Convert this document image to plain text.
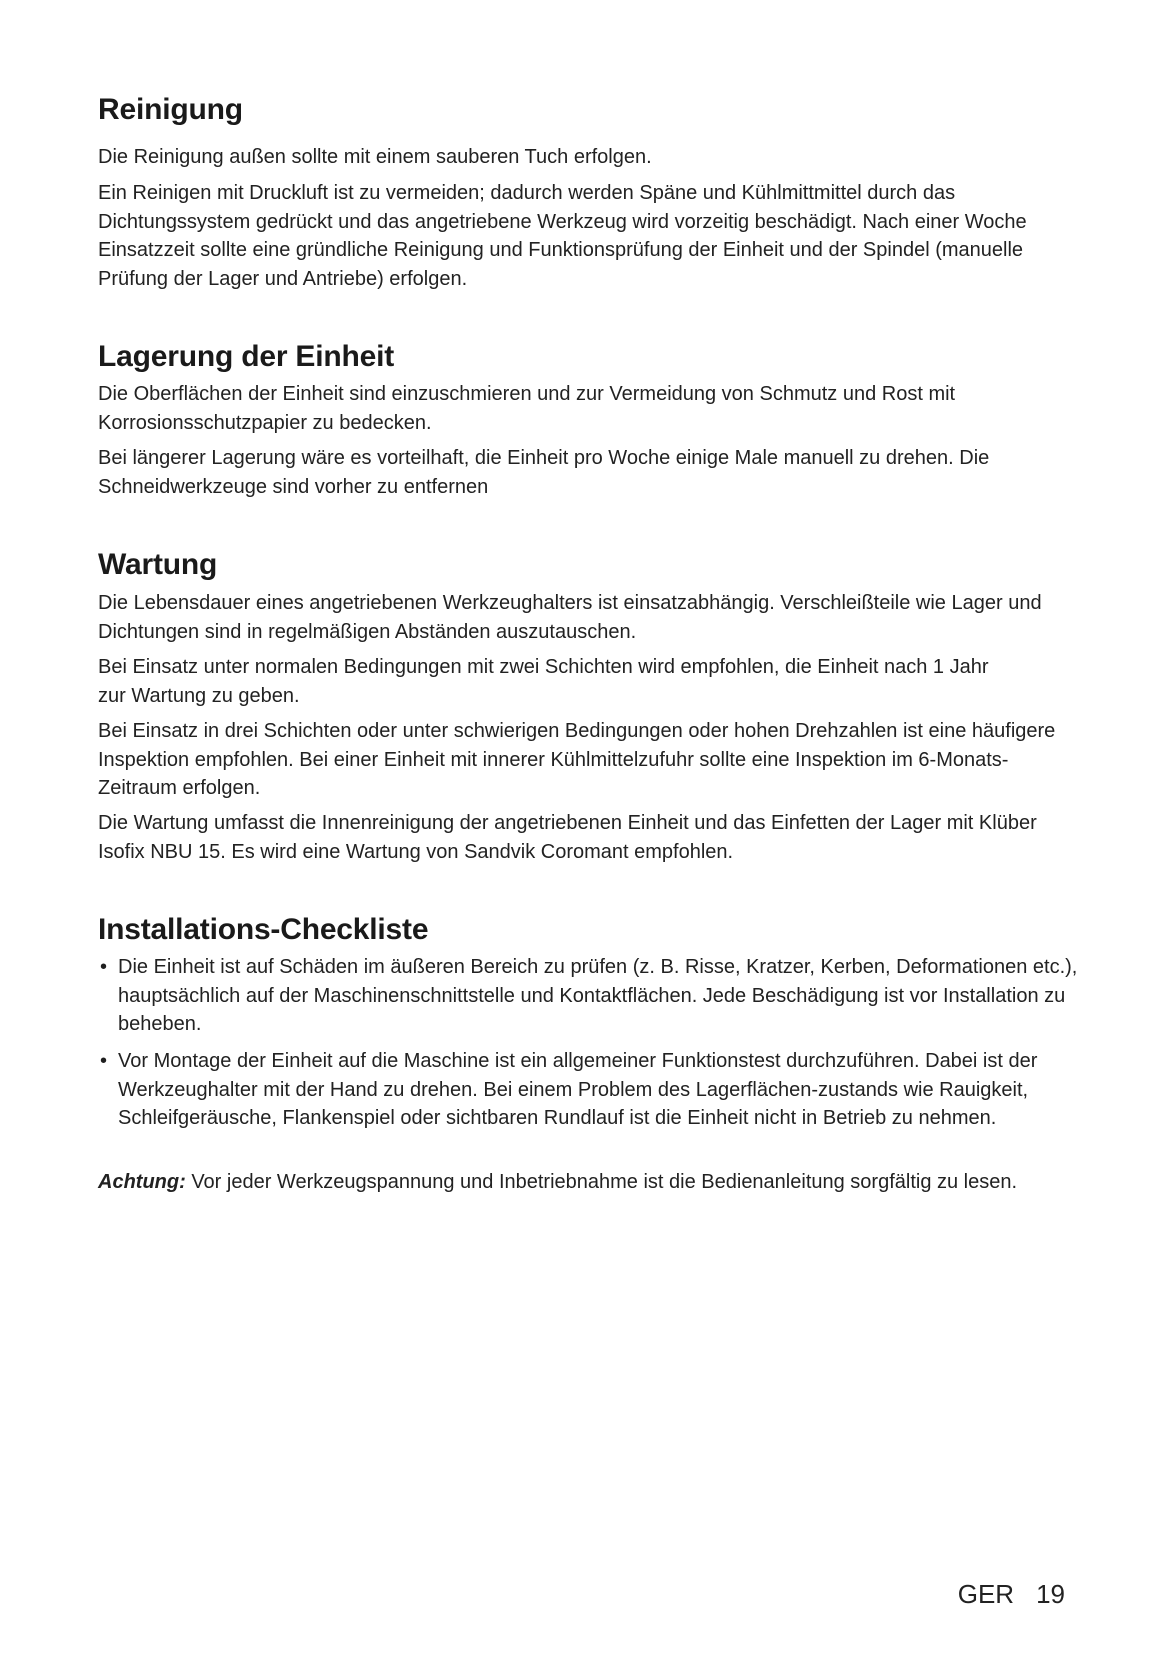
Reinigung

Die Reinigung außen sollte mit einem sauberen Tuch erfolgen.

Ein Reinigen mit Druckluft ist zu vermeiden; dadurch werden Späne und Kühlmittmittel durch das Dichtungssystem gedrückt und das angetriebene Werkzeug wird vorzeitig beschädigt. Nach einer Woche Einsatzzeit sollte eine gründliche Reinigung und Funktionsprüfung der Einheit und der Spindel (manuelle Prüfung der Lager und Antriebe) erfolgen.

Lagerung der Einheit

Die Oberflächen der Einheit sind einzuschmieren und zur Vermeidung von Schmutz und Rost mit Korrosionsschutzpapier zu bedecken.

Bei längerer Lagerung wäre es vorteilhaft, die Einheit pro Woche einige Male manuell zu drehen. Die Schneidwerkzeuge sind vorher zu entfernen

Wartung

Die Lebensdauer eines angetriebenen Werkzeughalters ist einsatzabhängig. Verschleißteile wie Lager und Dichtungen sind in regelmäßigen Abständen auszutauschen.

Bei Einsatz unter normalen Bedingungen mit zwei Schichten wird empfohlen, die Einheit nach 1 Jahr zur Wartung zu geben.

Bei Einsatz in drei Schichten oder unter schwierigen Bedingungen oder hohen Drehzahlen ist eine häufigere Inspektion empfohlen. Bei einer Einheit mit innerer Kühlmittelzufuhr sollte eine Inspektion im 6-Monats-Zeitraum erfolgen.

Die Wartung umfasst die Innenreinigung der angetriebenen Einheit und das Einfetten der Lager mit Klüber Isofix NBU 15. Es wird eine Wartung von Sandvik Coromant empfohlen.

Installations-Checkliste
• Die Einheit ist auf Schäden im äußeren Bereich zu prüfen (z. B. Risse, Kratzer, Kerben, Deformationen etc.), hauptsächlich auf der Maschinenschnittstelle und Kontaktflächen. Jede Beschädigung ist vor Installation zu beheben.

• Vor Montage der Einheit auf die Maschine ist ein allgemeiner Funktionstest durchzuführen. Dabei ist der Werkzeughalter mit der Hand zu drehen. Bei einem Problem des Lagerflächen-zustands wie Rauigkeit, Schleifgeräusche, Flankenspiel oder sichtbaren Rundlauf ist die Einheit nicht in Betrieb zu nehmen.

Achtung: Vor jeder Werkzeugspannung und Inbetriebnahme ist die Bedienanleitung sorgfältig zu lesen.

GER 19
